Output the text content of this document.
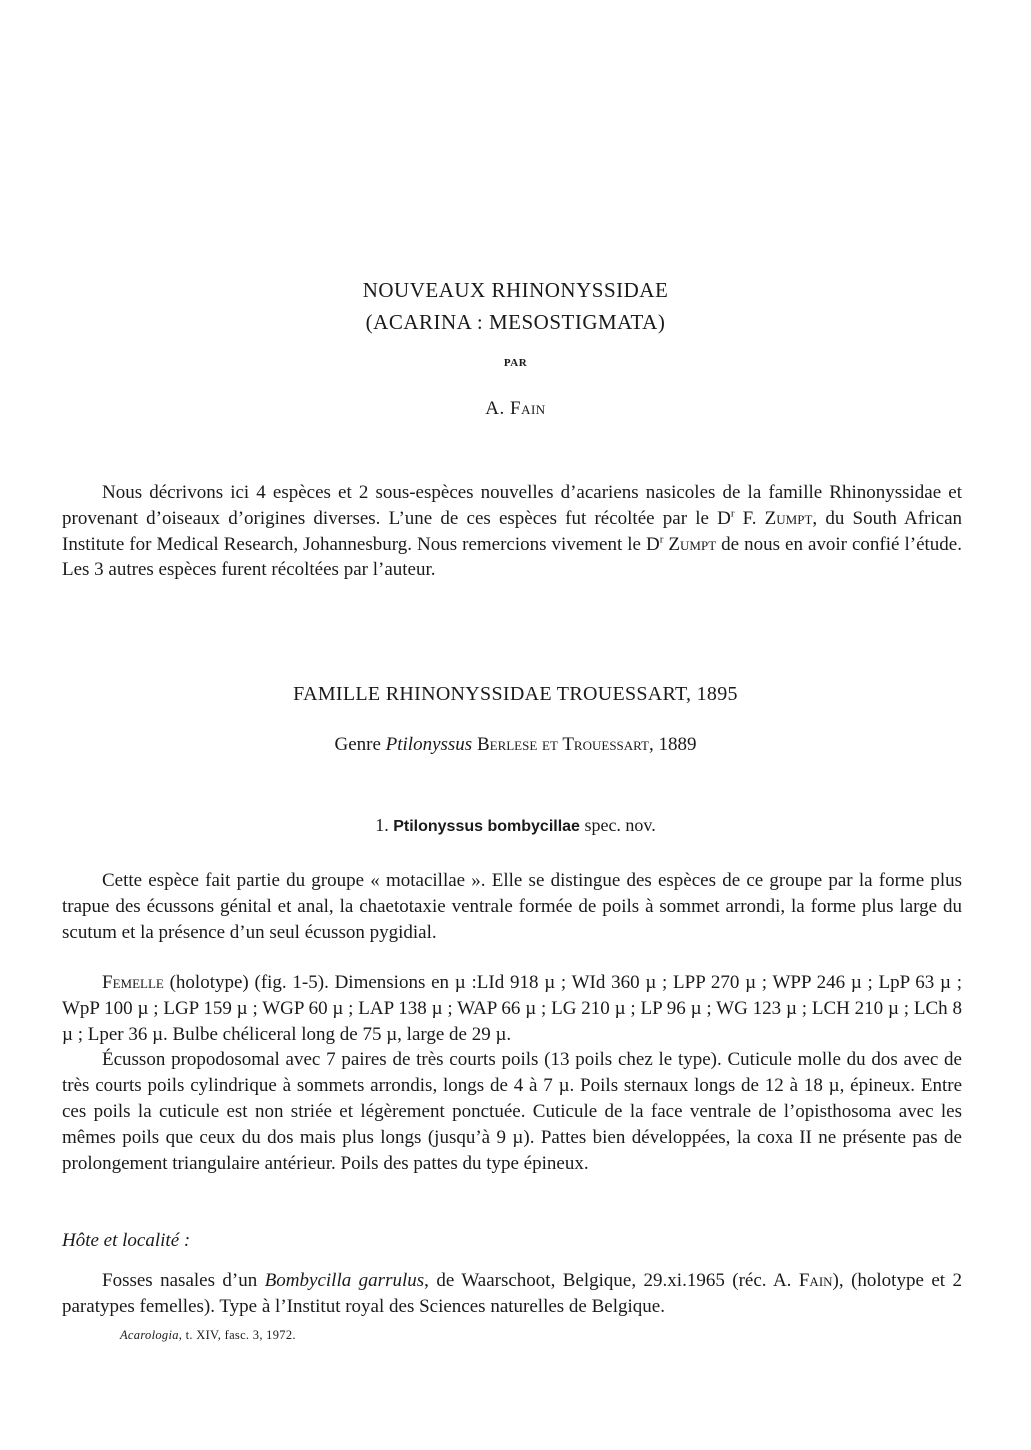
NOUVEAUX RHINONYSSIDAE
(ACARINA : MESOSTIGMATA)
PAR
A. Fain
Nous décrivons ici 4 espèces et 2 sous-espèces nouvelles d’acariens nasicoles de la famille Rhinonyssidae et provenant d’oiseaux d’origines diverses. L’une de ces espèces fut récoltée par le $D^r$ F. Zumpt, du South African Institute for Medical Research, Johannesburg. Nous remercions vivement le $D^r$ Zumpt de nous en avoir confié l’étude. Les 3 autres espèces furent récoltées par l’auteur.
FAMILLE RHINONYSSIDAE TROUESSART, 1895
Genre Ptilonyssus Berlese et Trouessart, 1889
1. Ptilonyssus bombycillae spec. nov.

Cette espèce fait partie du groupe « motacillae ». Elle se distingue des espèces de ce groupe par la forme plus trapue des écussons génital et anal, la chaetotaxie ventrale formée de poils à sommet arrondi, la forme plus large du scutum et la présence d’un seul écusson pygidial.

Femelle (holotype) (fig. 1-5). Dimensions en µ :LId 918 µ ; WId 360 µ ; LPP 270 µ ; WPP 246 µ ; LpP 63 µ ; WpP 100 µ ; LGP 159 µ ; WGP 60 µ ; LAP 138 µ ; WAP 66 µ ; LG 210 µ ; LP 96 µ ; WG 123 µ ; LCH 210 µ ; LCh 8 µ ; Lper 36 µ. Bulbe chéliceral long de 75 µ, large de 29 µ.

Écusson propodosomal avec 7 paires de très courts poils (13 poils chez le type). Cuticule molle du dos avec de très courts poils cylindrique à sommets arrondis, longs de 4 à 7 µ. Poils sternaux longs de 12 à 18 µ, épineux. Entre ces poils la cuticule est non striée et légèrement ponctuée. Cuticule de la face ventrale de l’opisthosoma avec les mêmes poils que ceux du dos mais plus longs (jusqu’à 9 µ). Pattes bien développées, la coxa II ne présente pas de prolongement triangulaire antérieur. Poils des pattes du type épineux.

Hôte et localité :

Fosses nasales d’un Bombycilla garrulus, de Waarschoot, Belgique, 29.xi.1965 (réc. A. Fain), (holotype et 2 paratypes femelles). Type à l’Institut royal des Sciences naturelles de Belgique.

Acarologia, t. XIV, fasc. 3, 1972.
